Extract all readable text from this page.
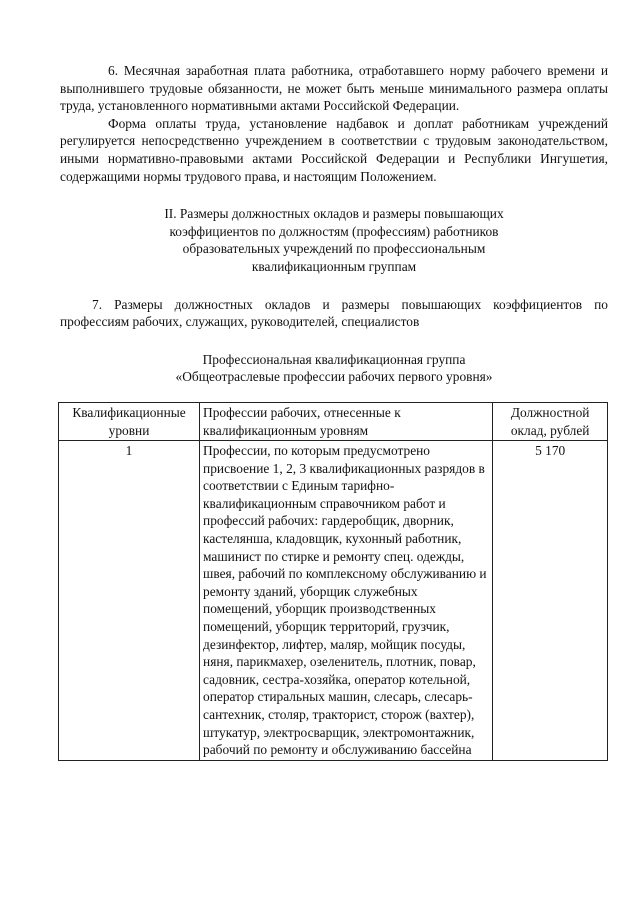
6. Месячная заработная плата работника, отработавшего норму рабочего времени и выполнившего трудовые обязанности, не может быть меньше минимального размера оплаты труда, установленного нормативными актами Российской Федерации.

Форма оплаты труда, установление надбавок и доплат работникам учреждений регулируется непосредственно учреждением в соответствии с трудовым законодательством, иными нормативно-правовыми актами Российской Федерации и Республики Ингушетия, содержащими нормы трудового права, и настоящим Положением.

II. Размеры должностных окладов и размеры повышающих
коэффициентов по должностям (профессиям) работников
образовательных учреждений по профессиональным
квалификационным группам

7. Размеры должностных окладов и размеры повышающих коэффициентов по профессиям рабочих, служащих, руководителей, специалистов

Профессиональная квалификационная группа
«Общеотраслевые профессии рабочих первого уровня»
Квалификационные уровни	Профессии рабочих, отнесенные к квалификационным уровням	Должностной оклад, рублей
1	Профессии, по которым предусмотрено присвоение 1, 2, 3 квалификационных разрядов в соответствии с Единым тарифно-квалификационным справочником работ и профессий рабочих: гардеробщик, дворник, кастелянша, кладовщик, кухонный работник, машинист по стирке и ремонту спец. одежды, швея, рабочий по комплексному обслуживанию и ремонту зданий, уборщик служебных помещений, уборщик производственных помещений, уборщик территорий, грузчик, дезинфектор, лифтер, маляр, мойщик посуды, няня, парикмахер, озеленитель, плотник, повар, садовник, сестра-хозяйка, оператор котельной, оператор стиральных машин, слесарь, слесарь-сантехник, столяр, тракторист, сторож (вахтер), штукатур, электросварщик, электромонтажник, рабочий по ремонту и обслуживанию бассейна	5 170
